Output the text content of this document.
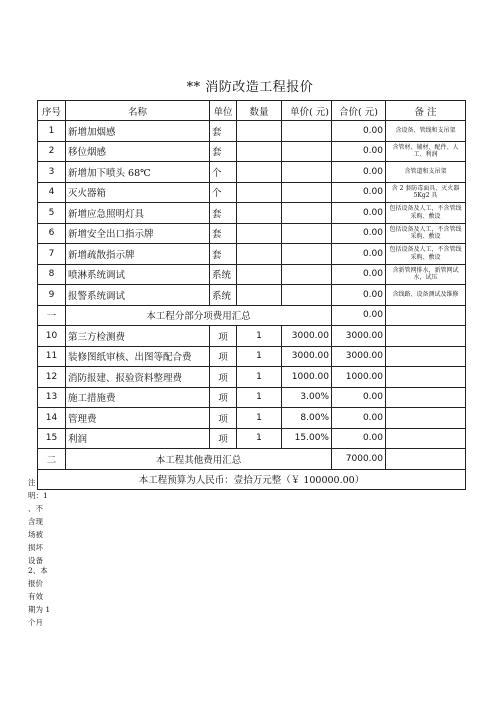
** 消防改造工程报价
序号	名称	单位	数量	单价( 元)	合价( 元)	备 注
1	新增加烟感	套			0.00	含设备、管线和支吊架
2	移位烟感	套			0.00	含管材、辅材、配件、人工、利润
3	新增加下喷头 68℃	个			0.00	含管道和支吊架
4	灭火器箱	个			0.00	含 2 套防毒面具、灭火器 5Kg2 具
5	新增应急照明灯具	套			0.00	包括设备及人工，不含管线采购、敷设
6	新增安全出口指示牌	套			0.00	包括设备及人工，不含管线采购、敷设
7	新增疏散指示牌	套			0.00	包括设备及人工，不含管线采购、敷设
8	喷淋系统调试	系统			0.00	含新管网排水，新管网试水，试压
9	报警系统调试	系统			0.00	含线路、设备测试及维修
一	本工程分部分项费用汇总				0.00	
10	第三方检测费	项	1	3000.00	3000.00	
11	装修图纸审核、出图等配合费	项	1	3000.00	3000.00	
12	消防报建、报验资料整理费	项	1	1000.00	1000.00	
13	施工措施费	项	1	3.00%	0.00	
14	管理费	项	1	8.00%	0.00	
15	利润	项	1	15.00%	0.00	
二	本工程其他费用汇总				7000.00	
本工程预算为人民币：壹拾万元整（￥ 100000.00）						
注
明：1
、不
含现
场被
损坏
设备
2、本
报价
有效
期为 1
个月
